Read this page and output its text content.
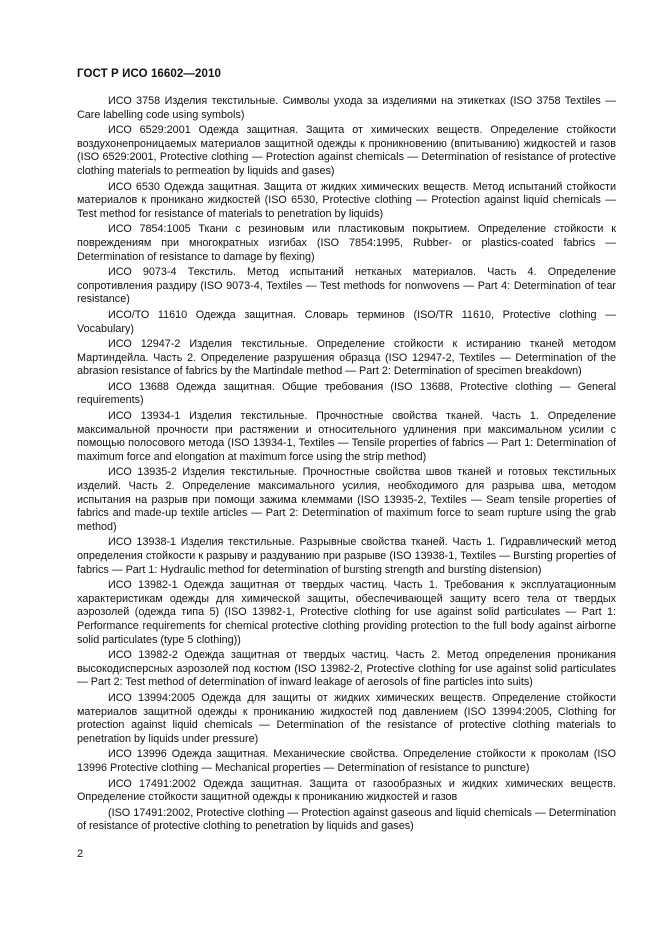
ГОСТ Р ИСО 16602—2010

ИСО 3758 Изделия текстильные. Символы ухода за изделиями на этикетках (ISO 3758 Textiles — Care labelling code using symbols)

ИСО 6529:2001 Одежда защитная. Защита от химических веществ. Определение стойкости воздухонепроницаемых материалов защитной одежды к проникновению (впитыванию) жидкостей и газов (ISO 6529:2001, Protective clothing — Protection against chemicals — Determination of resistance of protective clothing materials to permeation by liquids and gases)

ИСО 6530 Одежда защитная. Защита от жидких химических веществ. Метод испытаний стойкости материалов к проникано жидкостей (ISO 6530, Protective clothing — Protection against liquid chemicals — Test method for resistance of materials to penetration by liquids)

ИСО 7854:1005 Ткани с резиновым или пластиковым покрытием. Определение стойкости к повреждениям при многократных изгибах (ISO 7854:1995, Rubber- or plastics-coated fabrics — Determination of resistance to damage by flexing)

ИСО 9073-4 Текстиль. Метод испытаний нетканых материалов. Часть 4. Определение сопротивления раздиру (ISO 9073-4, Textiles — Test methods for nonwovens — Part 4: Determination of tear resistance)

ИСО/ТО 11610 Одежда защитная. Словарь терминов (ISO/TR 11610, Protective clothing — Vocabulary)

ИСО 12947-2 Изделия текстильные. Определение стойкости к истиранию тканей методом Мартиндейла. Часть 2. Определение разрушения образца (ISO 12947-2, Textiles — Determination of the abrasion resistance of fabrics by the Martindale method — Part 2: Determination of specimen breakdown)

ИСО 13688 Одежда защитная. Общие требования (ISO 13688, Protective clothing — General requirements)

ИСО 13934-1 Изделия текстильные. Прочностные свойства тканей. Часть 1. Определение максимальной прочности при растяжении и относительного удлинения при максимальном усилии с помощью полосового метода (ISO 13934-1, Textiles — Tensile properties of fabrics — Part 1: Determination of maximum force and elongation at maximum force using the strip method)

ИСО 13935-2 Изделия текстильные. Прочностные свойства швов тканей и готовых текстильных изделий. Часть 2. Определение максимального усилия, необходимого для разрыва шва, методом испытания на разрыв при помощи зажима клеммами (ISO 13935-2, Textiles — Seam tensile properties of fabrics and made-up textile articles — Part 2: Determination of maximum force to seam rupture using the grab method)

ИСО 13938-1 Изделия текстильные. Разрывные свойства тканей. Часть 1. Гидравлический метод определения стойкости к разрыву и раздуванию при разрыве (ISO 13938-1, Textiles — Bursting properties of fabrics — Part 1: Hydraulic method for determination of bursting strength and bursting distension)

ИСО 13982-1 Одежда защитная от твердых частиц. Часть 1. Требования к эксплуатационным характеристикам одежды для химической защиты, обеспечивающей защиту всего тела от твердых аэрозолей (одежда типа 5) (ISO 13982-1, Protective clothing for use against solid particulates — Part 1: Performance requirements for chemical protective clothing providing protection to the full body against airborne solid particulates (type 5 clothing))

ИСО 13982-2 Одежда защитная от твердых частиц. Часть 2. Метод определения проникания высокодисперсных аэрозолей под костюм (ISO 13982-2, Protective clothing for use against solid particulates — Part 2: Test method of determination of inward leakage of aerosols of fine particles into suits)

ИСО 13994:2005 Одежда для защиты от жидких химических веществ. Определение стойкости материалов защитной одежды к прониканию жидкостей под давлением (ISO 13994:2005, Clothing for protection against liquid chemicals — Determination of the resistance of protective clothing materials to penetration by liquids under pressure)

ИСО 13996 Одежда защитная. Механические свойства. Определение стойкости к проколам (ISO 13996 Protective clothing — Mechanical properties — Determination of resistance to puncture)

ИСО 17491:2002 Одежда защитная. Защита от газообразных и жидких химических веществ. Определение стойкости защитной одежды к прониканию жидкостей и газов

(ISO 17491:2002, Protective clothing — Protection against gaseous and liquid chemicals — Determination of resistance of protective clothing to penetration by liquids and gases)

2
